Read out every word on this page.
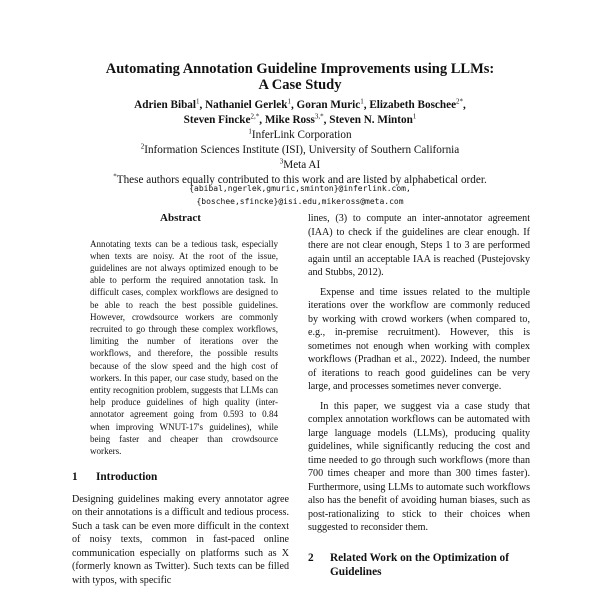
Automating Annotation Guideline Improvements using LLMs:
A Case Study
Adrien Bibal$^1$, Nathaniel Gerlek$^1$, Goran Muric$^1$, Elizabeth Boschee$^{2*}$,
Steven Fincke$^{2,*}$, Mike Ross$^{3,*}$, Steven N. Minton$^1$
$^1$InferLink Corporation
$^2$Information Sciences Institute (ISI), University of Southern California
$^3$Meta AI
*These authors equally contributed to this work and are listed by alphabetical order.
{abibal,ngerlek,gmuric,sminton}@inferlink.com,
{boschee,sfincke}@isi.edu,mikeross@meta.com
Abstract

Annotating texts can be a tedious task, especially when texts are noisy. At the root of the issue, guidelines are not always optimized enough to be able to perform the required annotation task. In difficult cases, complex workflows are designed to be able to reach the best possible guidelines. However, crowdsource workers are commonly recruited to go through these complex workflows, limiting the number of iterations over the workflows, and therefore, the possible results because of the slow speed and the high cost of workers. In this paper, our case study, based on the entity recognition problem, suggests that LLMs can help produce guidelines of high quality (inter-annotator agreement going from 0.593 to 0.84 when improving WNUT-17's guidelines), while being faster and cheaper than crowdsource workers.

1	Introduction

Designing guidelines making every annotator agree on their annotations is a difficult and tedious process. Such a task can be even more difficult in the context of noisy texts, common in fast-paced online communication especially on platforms such as X (formerly known as Twitter). Such texts can be filled with typos, with specific

lines, (3) to compute an inter-annotator agreement (IAA) to check if the guidelines are clear enough. If there are not clear enough, Steps 1 to 3 are performed again until an acceptable IAA is reached (Pustejovsky and Stubbs, 2012).

Expense and time issues related to the multiple iterations over the workflow are commonly reduced by working with crowd workers (when compared to, e.g., in-premise recruitment). However, this is sometimes not enough when working with complex workflows (Pradhan et al., 2022). Indeed, the number of iterations to reach good guidelines can be very large, and processes sometimes never converge.

In this paper, we suggest via a case study that complex annotation workflows can be automated with large language models (LLMs), producing quality guidelines, while significantly reducing the cost and time needed to go through such workflows (more than 700 times cheaper and more than 300 times faster). Furthermore, using LLMs to automate such workflows also has the benefit of avoiding human biases, such as post-rationalizing to stick to their choices when suggested to reconsider them.

2	Related Work on the Optimization of Guidelines
